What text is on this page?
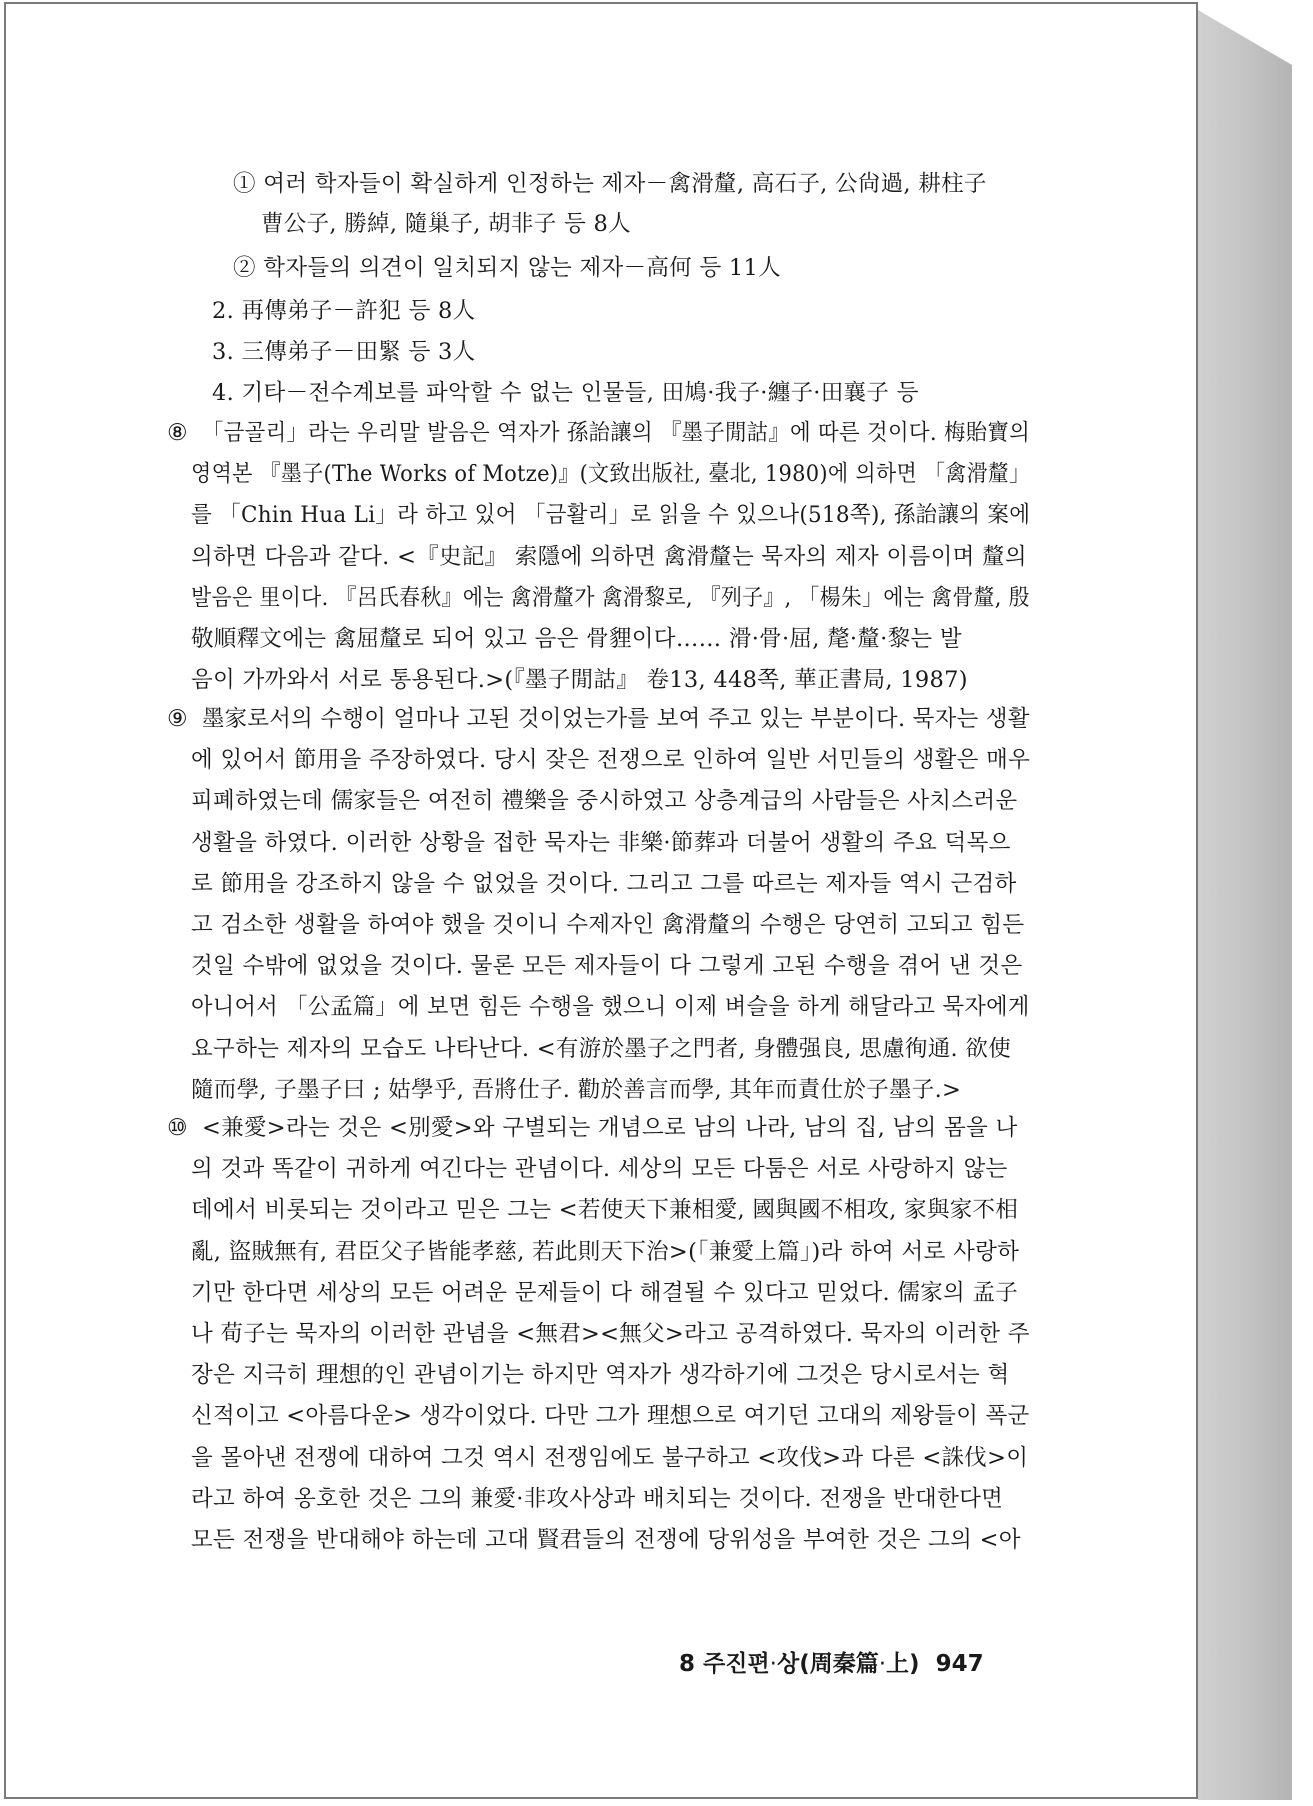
① 여러 학자들이 확실하게 인정하는 제자－禽滑釐, 高石子, 公尙過, 耕柱子
曹公子, 勝綽, 隨巢子, 胡非子 등 8人
② 학자들의 의견이 일치되지 않는 제자－高何 등 11人
2. 再傳弟子－許犯 등 8人
3. 三傳弟子－田緊 등 3人
4. 기타－전수계보를 파악할 수 없는 인물들, 田鳩·我子·纏子·田襄子 등
⑧ 「금골리」라는 우리말 발음은 역자가 孫詒讓의 『墨子閒詁』에 따른 것이다. 梅貽寶의
영역본 『墨子(The Works of Motze)』(文致出版社, 臺北, 1980)에 의하면 「禽滑釐」
를 「Chin Hua Li」라 하고 있어 「금활리」로 읽을 수 있으나(518쪽), 孫詒讓의 案에
의하면 다음과 같다. <『史記』 索隱에 의하면 禽滑釐는 묵자의 제자 이름이며 釐의
발음은 里이다. 『呂氏春秋』에는 禽滑釐가 禽滑黎로, 『列子』, 「楊朱」에는 禽骨釐, 殷
敬順釋文에는 禽屈釐로 되어 있고 음은 骨貍이다…… 滑·骨·屈, 氂·釐·黎는 발
음이 가까와서 서로 통용된다.>(『墨子閒詁』 卷13, 448쪽, 華正書局, 1987)
⑨ 墨家로서의 수행이 얼마나 고된 것이었는가를 보여 주고 있는 부분이다. 묵자는 생활
에 있어서 節用을 주장하였다. 당시 잦은 전쟁으로 인하여 일반 서민들의 생활은 매우
피폐하였는데 儒家들은 여전히 禮樂을 중시하였고 상층계급의 사람들은 사치스러운
생활을 하였다. 이러한 상황을 접한 묵자는 非樂·節葬과 더불어 생활의 주요 덕목으
로 節用을 강조하지 않을 수 없었을 것이다. 그리고 그를 따르는 제자들 역시 근검하
고 검소한 생활을 하여야 했을 것이니 수제자인 禽滑釐의 수행은 당연히 고되고 힘든
것일 수밖에 없었을 것이다. 물론 모든 제자들이 다 그렇게 고된 수행을 겪어 낸 것은
아니어서 「公孟篇」에 보면 힘든 수행을 했으니 이제 벼슬을 하게 해달라고 묵자에게
요구하는 제자의 모습도 나타난다. <有游於墨子之門者, 身體强良, 思慮徇通. 欲使
隨而學, 子墨子曰 ; 姑學乎, 吾將仕子. 勸於善言而學, 其年而責仕於子墨子.>
⑩ <兼愛>라는 것은 <別愛>와 구별되는 개념으로 남의 나라, 남의 집, 남의 몸을 나
의 것과 똑같이 귀하게 여긴다는 관념이다. 세상의 모든 다툼은 서로 사랑하지 않는
데에서 비롯되는 것이라고 믿은 그는 <若使天下兼相愛, 國與國不相攻, 家與家不相
亂, 盜賊無有, 君臣父子皆能孝慈, 若此則天下治>(「兼愛上篇」)라 하여 서로 사랑하
기만 한다면 세상의 모든 어려운 문제들이 다 해결될 수 있다고 믿었다. 儒家의 孟子
나 荀子는 묵자의 이러한 관념을 <無君><無父>라고 공격하였다. 묵자의 이러한 주
장은 지극히 理想的인 관념이기는 하지만 역자가 생각하기에 그것은 당시로서는 혁
신적이고 <아름다운> 생각이었다. 다만 그가 理想으로 여기던 고대의 제왕들이 폭군
을 몰아낸 전쟁에 대하여 그것 역시 전쟁임에도 불구하고 <攻伐>과 다른 <誅伐>이
라고 하여 옹호한 것은 그의 兼愛·非攻사상과 배치되는 것이다. 전쟁을 반대한다면
모든 전쟁을 반대해야 하는데 고대 賢君들의 전쟁에 당위성을 부여한 것은 그의 <아
8 주진편·상(周秦篇·上) 947
